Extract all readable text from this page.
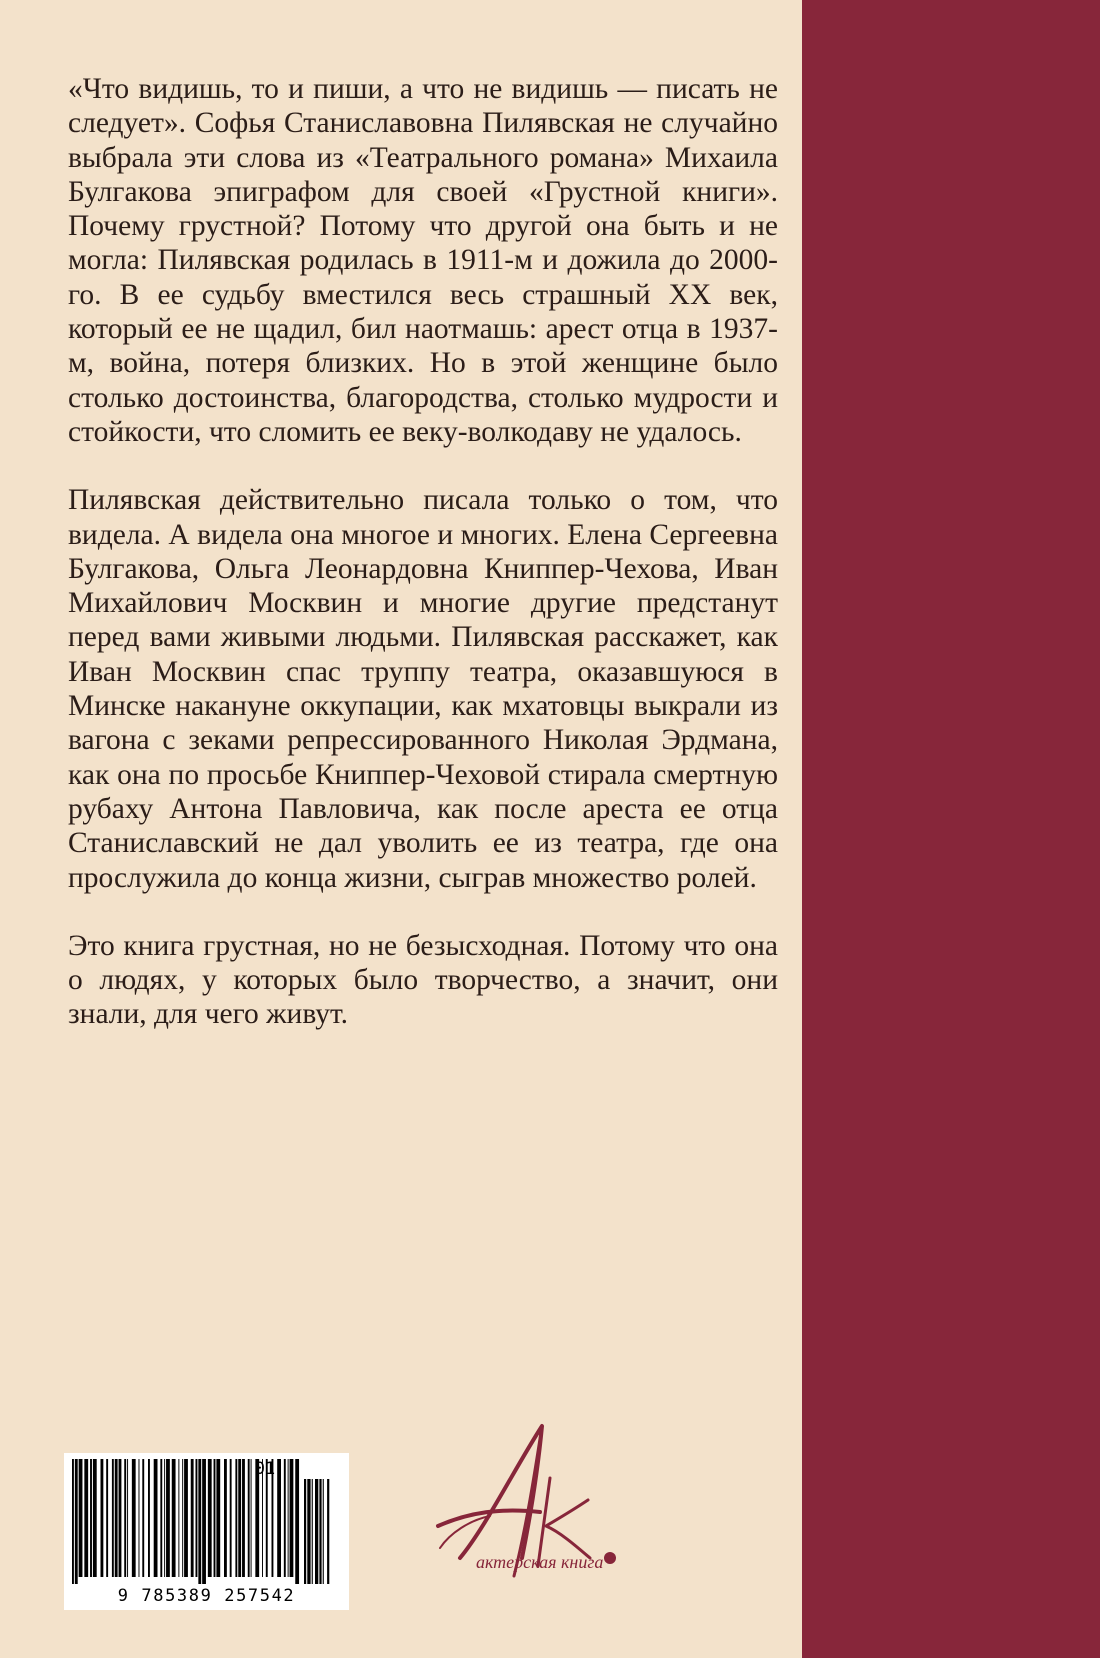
«Что видишь, то и пиши, а что не видишь — писать не следует». Софья Станиславовна Пилявская не случайно выбрала эти слова из «Театрального романа» Михаила Булгакова эпиграфом для своей «Грустной книги». Почему грустной? Потому что другой она быть и не могла: Пилявская родилась в 1911-м и дожила до 2000-го. В ее судьбу вместился весь страшный XX век, который ее не щадил, бил наотмашь: арест отца в 1937-м, война, потеря близких. Но в этой женщине было столько достоинства, благородства, столько мудрости и стойкости, что сломить ее веку-волкодаву не удалось.

Пилявская действительно писала только о том, что видела. А видела она многое и многих. Елена Сергеевна Булгакова, Ольга Леонардовна Книппер-Чехова, Иван Михайлович Москвин и многие другие предстанут перед вами живыми людьми. Пилявская расскажет, как Иван Москвин спас труппу театра, оказавшуюся в Минске накануне оккупации, как мхатовцы выкрали из вагона с зеками репрессированного Николая Эрдмана, как она по просьбе Книппер-Чеховой стирала смертную рубаху Антона Павловича, как после ареста ее отца Станиславский не дал уволить ее из театра, где она прослужила до конца жизни, сыграв множество ролей.

Это книга грустная, но не безысходная. Потому что она о людях, у которых было творчество, а значит, они знали, для чего живут.

01
9 785389 257542
актерская книга
